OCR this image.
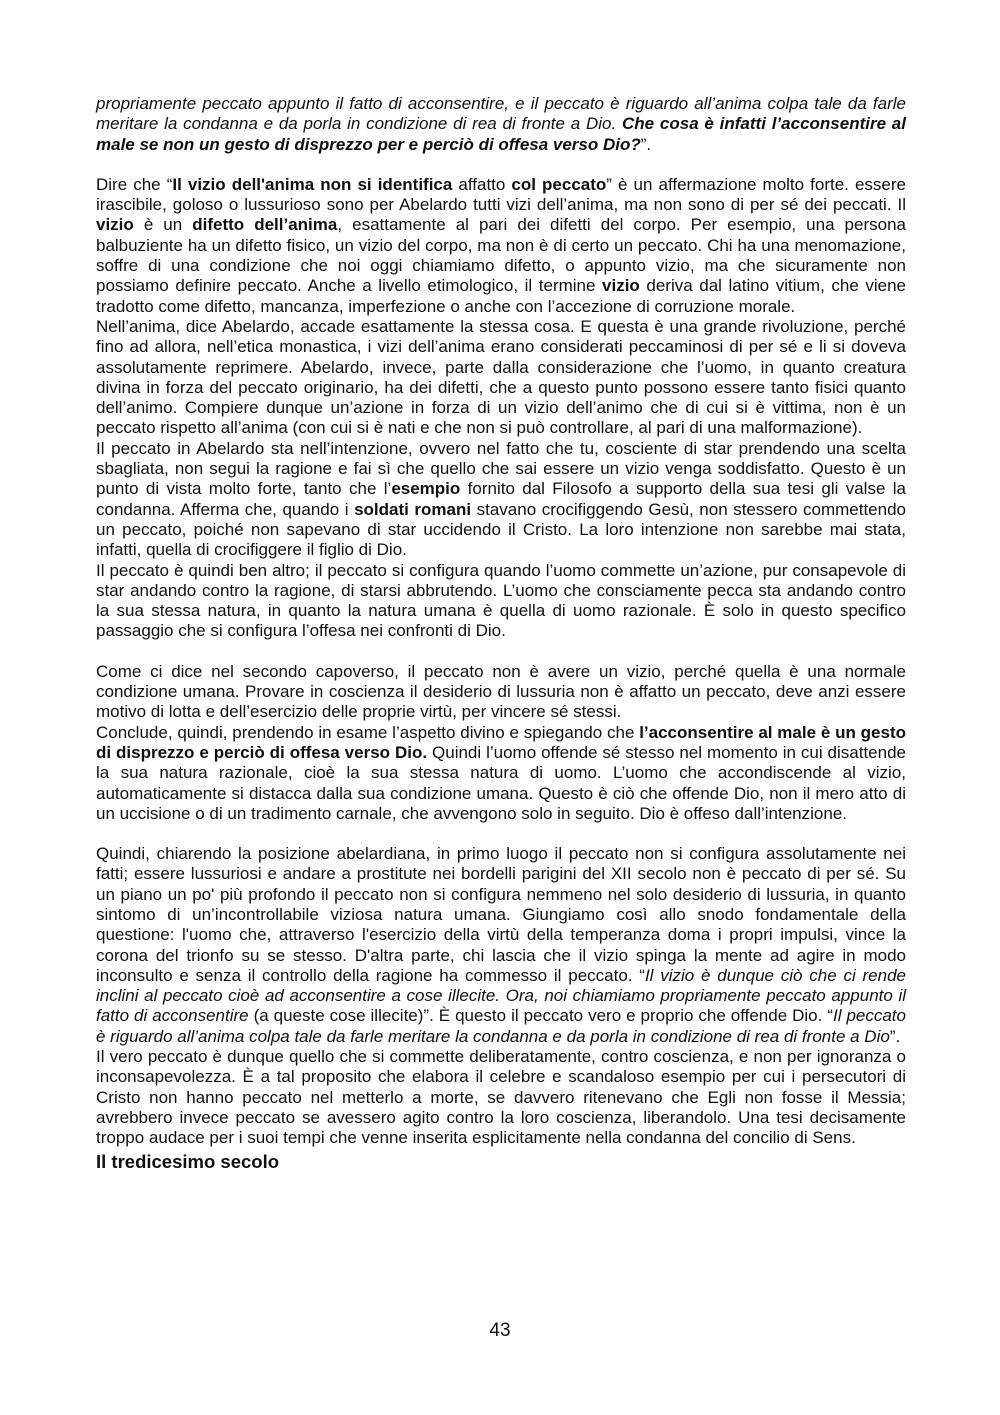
propriamente peccato appunto il fatto di acconsentire, e il peccato è riguardo all’anima colpa tale da farle meritare la condanna e da porla in condizione di rea di fronte a Dio. Che cosa è infatti l’acconsentire al male se non un gesto di disprezzo per e perciò di offesa verso Dio?”.

Dire che “Il vizio dell'anima non si identifica affatto col peccato” è un affermazione molto forte. essere irascibile, goloso o lussurioso sono per Abelardo tutti vizi dell’anima, ma non sono di per sé dei peccati. Il vizio è un difetto dell’anima, esattamente al pari dei difetti del corpo. Per esempio, una persona balbuziente ha un difetto fisico, un vizio del corpo, ma non è di certo un peccato. Chi ha una menomazione, soffre di una condizione che noi oggi chiamiamo difetto, o appunto vizio, ma che sicuramente non possiamo definire peccato. Anche a livello etimologico, il termine vizio deriva dal latino vitium, che viene tradotto come difetto, mancanza, imperfezione o anche con l’accezione di corruzione morale.

Nell’anima, dice Abelardo, accade esattamente la stessa cosa. E questa è una grande rivoluzione, perché fino ad allora, nell’etica monastica, i vizi dell’anima erano considerati peccaminosi di per sé e li si doveva assolutamente reprimere. Abelardo, invece, parte dalla considerazione che l’uomo, in quanto creatura divina in forza del peccato originario, ha dei difetti, che a questo punto possono essere tanto fisici quanto dell’animo. Compiere dunque un’azione in forza di un vizio dell’animo che di cui si è vittima, non è un peccato rispetto all’anima (con cui si è nati e che non si può controllare, al pari di una malformazione).

Il peccato in Abelardo sta nell’intenzione, ovvero nel fatto che tu, cosciente di star prendendo una scelta sbagliata, non segui la ragione e fai sì che quello che sai essere un vizio venga soddisfatto. Questo è un punto di vista molto forte, tanto che l’esempio fornito dal Filosofo a supporto della sua tesi gli valse la condanna. Afferma che, quando i soldati romani stavano crocifiggendo Gesù, non stessero commettendo un peccato, poiché non sapevano di star uccidendo il Cristo. La loro intenzione non sarebbe mai stata, infatti, quella di crocifiggere il figlio di Dio.

Il peccato è quindi ben altro; il peccato si configura quando l’uomo commette un’azione, pur consapevole di star andando contro la ragione, di starsi abbrutendo. L’uomo che consciamente pecca sta andando contro la sua stessa natura, in quanto la natura umana è quella di uomo razionale. È solo in questo specifico passaggio che si configura l’offesa nei confronti di Dio.

Come ci dice nel secondo capoverso, il peccato non è avere un vizio, perché quella è una normale condizione umana. Provare in coscienza il desiderio di lussuria non è affatto un peccato, deve anzi essere motivo di lotta e dell’esercizio delle proprie virtù, per vincere sé stessi.

Conclude, quindi, prendendo in esame l’aspetto divino e spiegando che l’acconsentire al male è un gesto di disprezzo e perciò di offesa verso Dio. Quindi l’uomo offende sé stesso nel momento in cui disattende la sua natura razionale, cioè la sua stessa natura di uomo. L’uomo che accondiscende al vizio, automaticamente si distacca dalla sua condizione umana. Questo è ciò che offende Dio, non il mero atto di un uccisione o di un tradimento carnale, che avvengono solo in seguito. Dio è offeso dall’intenzione.

Quindi, chiarendo la posizione abelardiana, in primo luogo il peccato non si configura assolutamente nei fatti; essere lussuriosi e andare a prostitute nei bordelli parigini del XII secolo non è peccato di per sé. Su un piano un po' più profondo il peccato non si configura nemmeno nel solo desiderio di lussuria, in quanto sintomo di un’incontrollabile viziosa natura umana. Giungiamo così allo snodo fondamentale della questione: l'uomo che, attraverso l'esercizio della virtù della temperanza doma i propri impulsi, vince la corona del trionfo su se stesso. D'altra parte, chi lascia che il vizio spinga la mente ad agire in modo inconsulto e senza il controllo della ragione ha commesso il peccato. “Il vizio è dunque ciò che ci rende inclini al peccato cioè ad acconsentire a cose illecite. Ora, noi chiamiamo propriamente peccato appunto il fatto di acconsentire (a queste cose illecite)”. È questo il peccato vero e proprio che offende Dio. “Il peccato è riguardo all’anima colpa tale da farle meritare la condanna e da porla in condizione di rea di fronte a Dio”.

Il vero peccato è dunque quello che si commette deliberatamente, contro coscienza, e non per ignoranza o inconsapevolezza. È a tal proposito che elabora il celebre e scandaloso esempio per cui i persecutori di Cristo non hanno peccato nel metterlo a morte, se davvero ritenevano che Egli non fosse il Messia; avrebbero invece peccato se avessero agito contro la loro coscienza, liberandolo. Una tesi decisamente troppo audace per i suoi tempi che venne inserita esplicitamente nella condanna del concilio di Sens.

Il tredicesimo secolo
43
